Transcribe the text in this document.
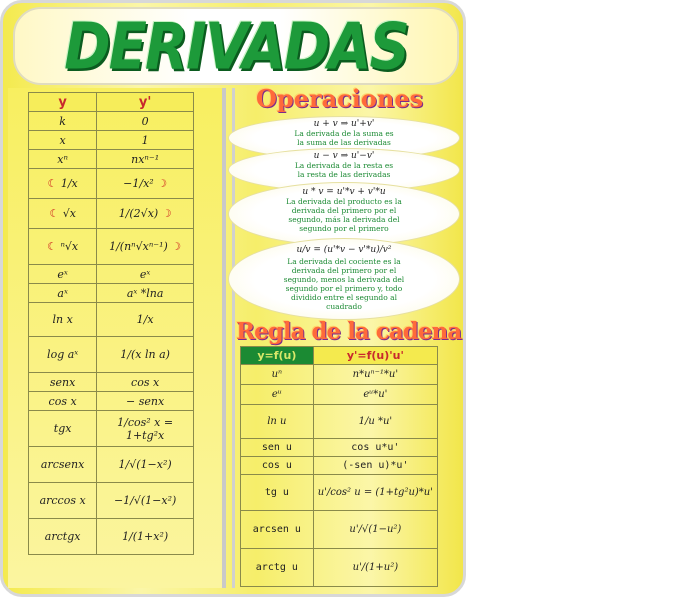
DERIVADAS
y	y'
k	0
x	1
xⁿ	nxⁿ⁻¹
☾ 1/x	−1/x² ☽
☾ √x	1/(2√x) ☽
☾ ⁿ√x	1/(nⁿ√xⁿ⁻¹) ☽
eˣ	eˣ
aˣ	aˣ *lna
ln x	1/x
log aˣ	1/(x ln a)
senx	cos x
cos x	− senx
tgx	1/cos² x = 1+tg²x
arcsenx	1/√(1−x²)
arccos x	−1/√(1−x²)
arctgx	1/(1+x²)
Operaciones
u + v ⇒ u'+v'
La derivada de la suma es la suma de las derivadas
u − v ⇒ u'−v'
La derivada de la resta es la resta de las derivadas
u * v = u'*v + v'*u
La derivada del producto es la derivada del primero por el segundo, más la derivada del segundo por el primero
u/v = (u'*v − v'*u)/v²
La derivada del cociente es la derivada del primero por el segundo, menos la derivada del segundo por el primero y, todo dividido entre el segundo al cuadrado
Regla de la cadena
y=f(u)	y'=f(u)'u'
uⁿ	n*uⁿ⁻¹*u'
eᵘ	eᵘ*u'
ln u	1/u *u'
sen u	cos u*u'
cos u	(-sen u)*u'
tg u	u'/cos² u = (1+tg²u)*u'
arcsen u	u'/√(1−u²)
arctg u	u'/(1+u²)
